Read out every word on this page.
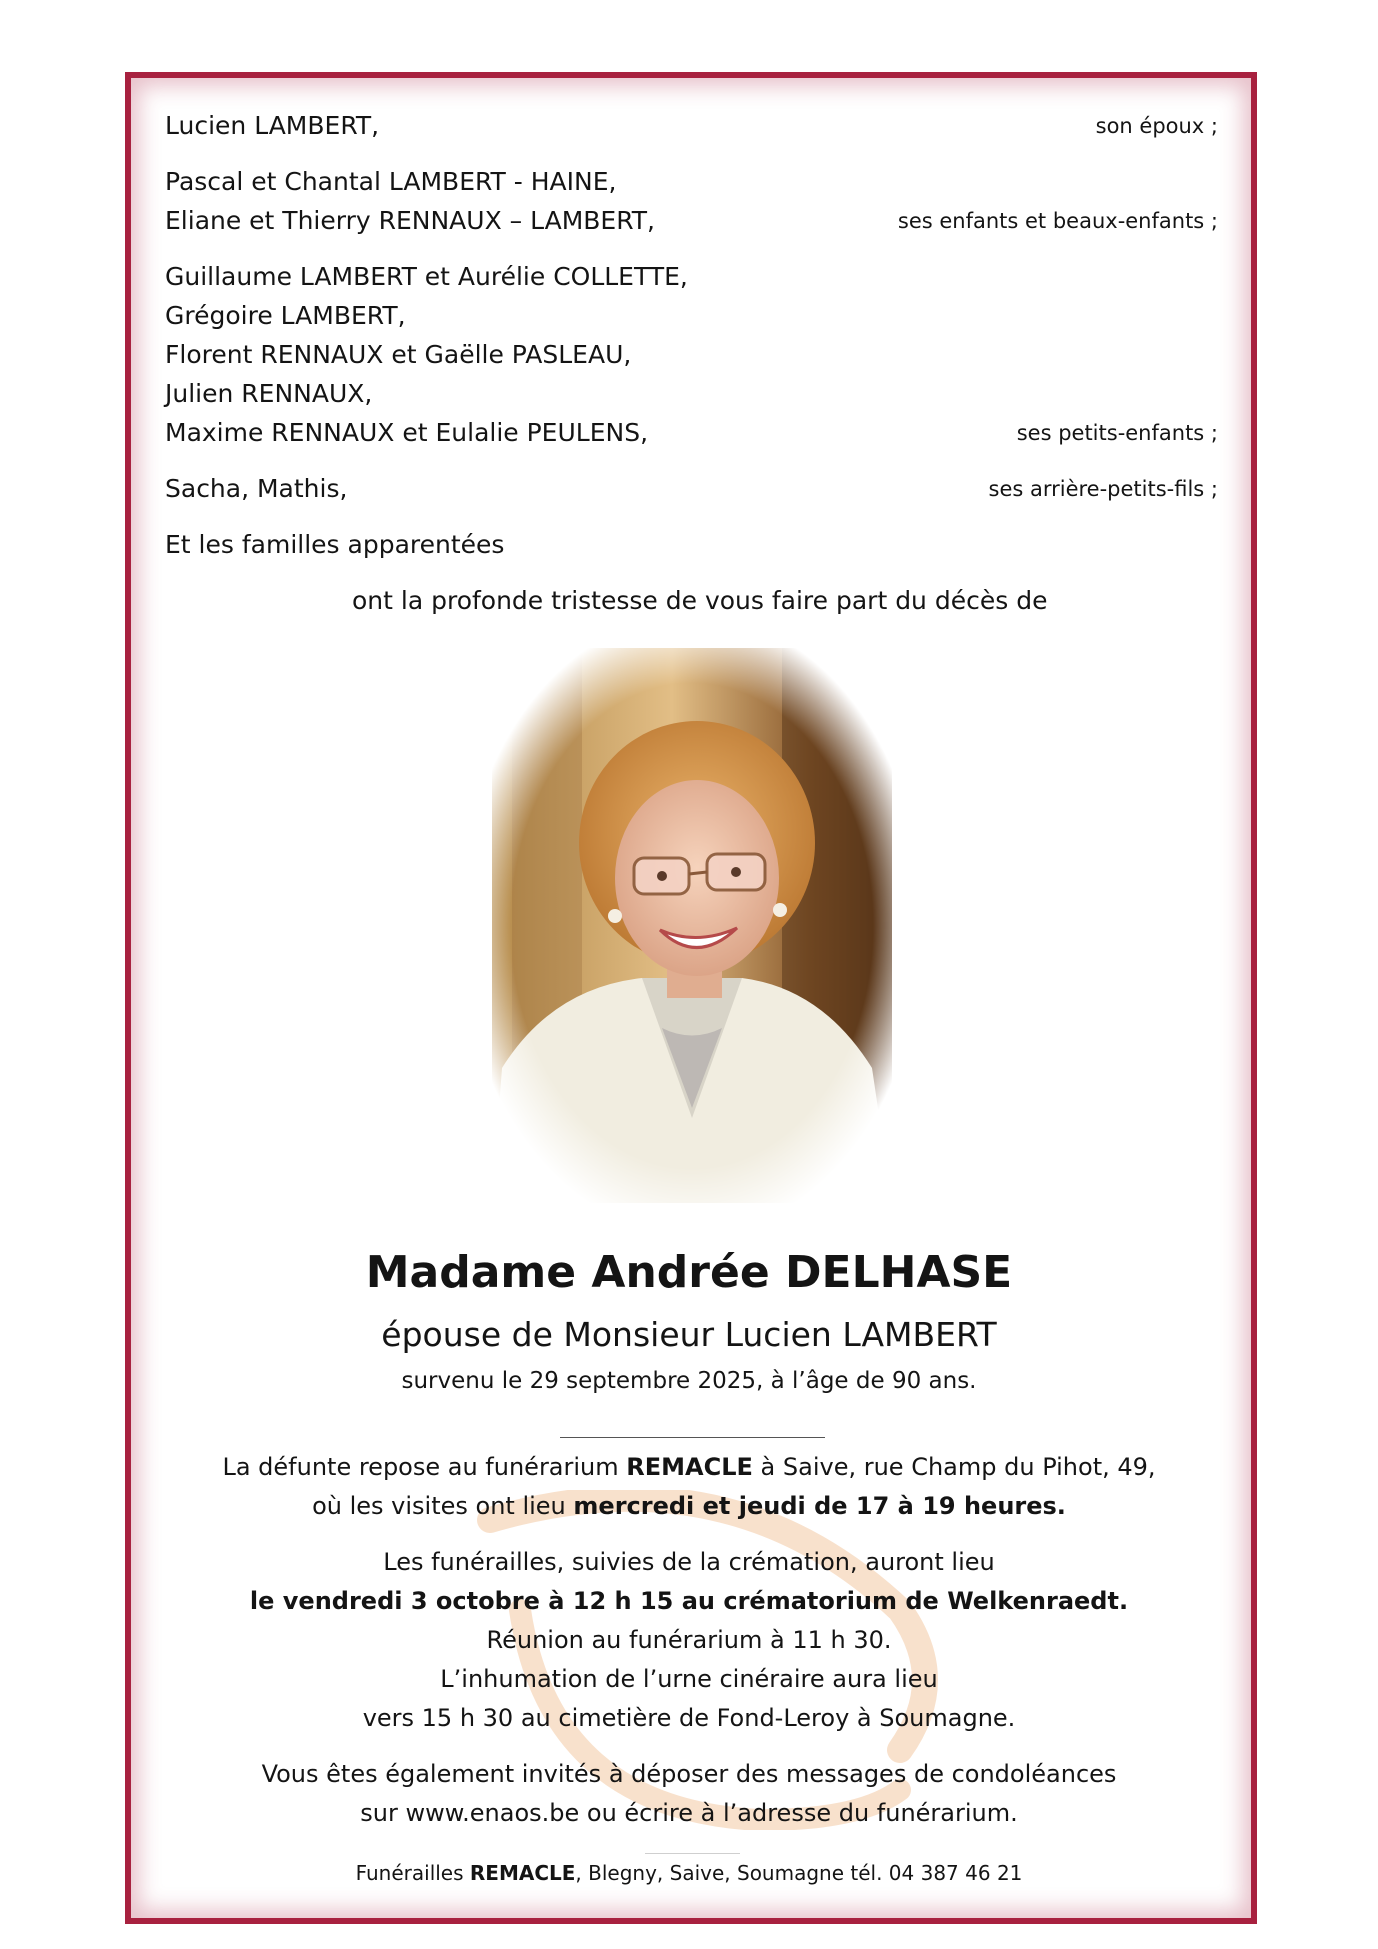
Lucien LAMBERT,	son époux ;
Pascal et Chantal LAMBERT - HAINE,
Eliane et Thierry RENNAUX – LAMBERT,	ses enfants et beaux-enfants ;
Guillaume LAMBERT et Aurélie COLLETTE,
Grégoire LAMBERT,
Florent RENNAUX et Gaëlle PASLEAU,
Julien RENNAUX,
Maxime RENNAUX et Eulalie PEULENS,	ses petits-enfants ;
Sacha, Mathis,	ses arrière-petits-fils ;
Et les familles apparentées
ont la profonde tristesse de vous faire part du décès de
Madame Andrée DELHASE
épouse de Monsieur Lucien LAMBERT
survenu le 29 septembre 2025, à l’âge de 90 ans.
La défunte repose au funérarium REMACLE à Saive, rue Champ du Pihot, 49,
où les visites ont lieu mercredi et jeudi de 17 à 19 heures.
Les funérailles, suivies de la crémation, auront lieu
le vendredi 3 octobre à 12 h 15 au crématorium de Welkenraedt.
Réunion au funérarium à 11 h 30.
L’inhumation de l’urne cinéraire aura lieu
vers 15 h 30 au cimetière de Fond-Leroy à Soumagne.
Vous êtes également invités à déposer des messages de condoléances
sur www.enaos.be ou écrire à l’adresse du funérarium.
Funérailles REMACLE, Blegny, Saive, Soumagne tél. 04 387 46 21
